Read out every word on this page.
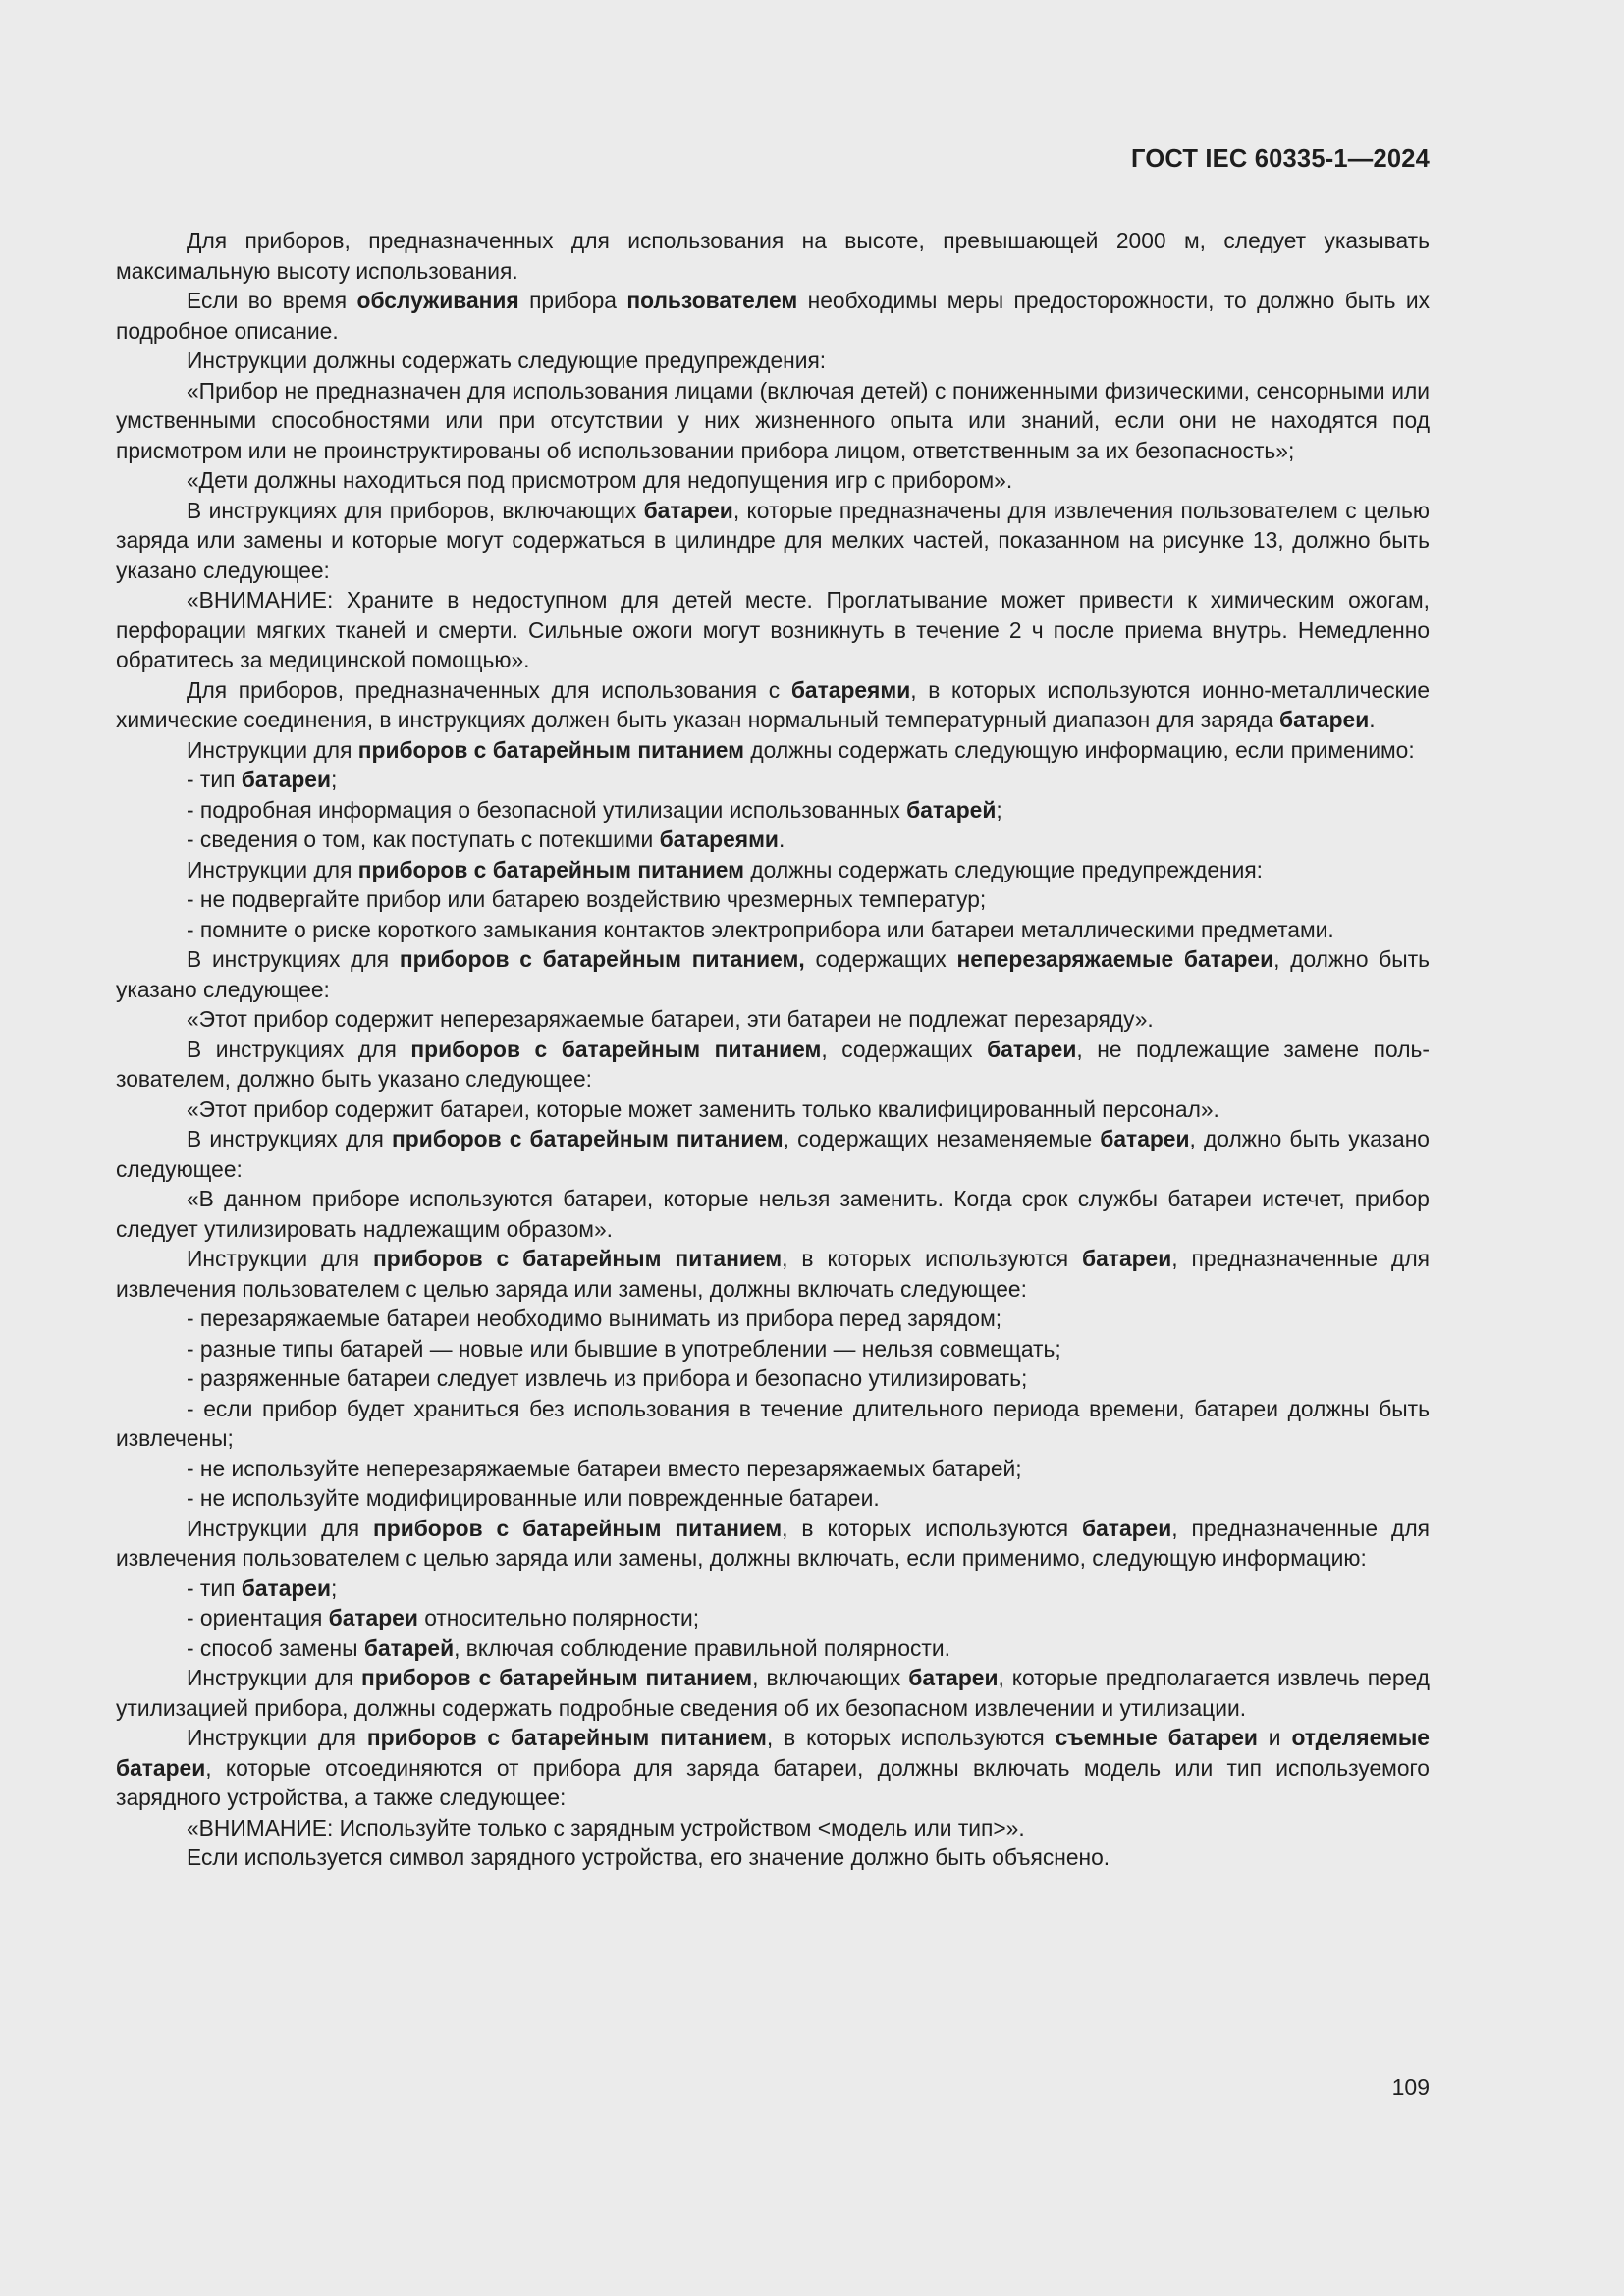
ГОСТ IEC 60335-1—2024

Для приборов, предназначенных для использования на высоте, превышающей 2000 м, следует указывать максимальную высоту использования.

Если во время обслуживания прибора пользователем необходимы меры предосторожности, то должно быть их подробное описание.

Инструкции должны содержать следующие предупреждения:

«Прибор не предназначен для использования лицами (включая детей) с пониженными физическими, сенсорными или умственными способностями или при отсутствии у них жизненного опыта или знаний, если они не находятся под присмотром или не проинструктированы об использовании прибора лицом, ответственным за их безопасность»;

«Дети должны находиться под присмотром для недопущения игр с прибором».

В инструкциях для приборов, включающих батареи, которые предназначены для извлечения пользователем с целью заряда или замены и которые могут содержаться в цилиндре для мелких частей, показанном на рисунке 13, должно быть указано следующее:

«ВНИМАНИЕ: Храните в недоступном для детей месте. Проглатывание может привести к химическим ожогам, перфорации мягких тканей и смерти. Сильные ожоги могут возникнуть в течение 2 ч после приема внутрь. Немедленно обратитесь за медицинской помощью».

Для приборов, предназначенных для использования с батареями, в которых используются ионно-металлические химические соединения, в инструкциях должен быть указан нормальный температурный диапазон для заряда батареи.

Инструкции для приборов с батарейным питанием должны содержать следующую информацию, если применимо:

- тип батареи;

- подробная информация о безопасной утилизации использованных батарей;

- сведения о том, как поступать с потекшими батареями.

Инструкции для приборов с батарейным питанием должны содержать следующие предупреждения:

- не подвергайте прибор или батарею воздействию чрезмерных температур;

- помните о риске короткого замыкания контактов электроприбора или батареи металлическими предметами.

В инструкциях для приборов с батарейным питанием, содержащих неперезаряжаемые батареи, должно быть указано следующее:

«Этот прибор содержит неперезаряжаемые батареи, эти батареи не подлежат перезаряду».

В инструкциях для приборов с батарейным питанием, содержащих батареи, не подлежащие замене пользователем, должно быть указано следующее:

«Этот прибор содержит батареи, которые может заменить только квалифицированный персонал».

В инструкциях для приборов с батарейным питанием, содержащих незаменяемые батареи, должно быть указано следующее:

«В данном приборе используются батареи, которые нельзя заменить. Когда срок службы батареи истечет, прибор следует утилизировать надлежащим образом».

Инструкции для приборов с батарейным питанием, в которых используются батареи, предназначенные для извлечения пользователем с целью заряда или замены, должны включать следующее:

- перезаряжаемые батареи необходимо вынимать из прибора перед зарядом;

- разные типы батарей — новые или бывшие в употреблении — нельзя совмещать;

- разряженные батареи следует извлечь из прибора и безопасно утилизировать;

- если прибор будет храниться без использования в течение длительного периода времени, батареи должны быть извлечены;

- не используйте неперезаряжаемые батареи вместо перезаряжаемых батарей;

- не используйте модифицированные или поврежденные батареи.

Инструкции для приборов с батарейным питанием, в которых используются батареи, предназначенные для извлечения пользователем с целью заряда или замены, должны включать, если применимо, следующую информацию:

- тип батареи;

- ориентация батареи относительно полярности;

- способ замены батарей, включая соблюдение правильной полярности.

Инструкции для приборов с батарейным питанием, включающих батареи, которые предполагается извлечь перед утилизацией прибора, должны содержать подробные сведения об их безопасном извлечении и утилизации.

Инструкции для приборов с батарейным питанием, в которых используются съемные батареи и отделяемые батареи, которые отсоединяются от прибора для заряда батареи, должны включать модель или тип используемого зарядного устройства, а также следующее:

«ВНИМАНИЕ: Используйте только с зарядным устройством <модель или тип>».

Если используется символ зарядного устройства, его значение должно быть объяснено.

109
